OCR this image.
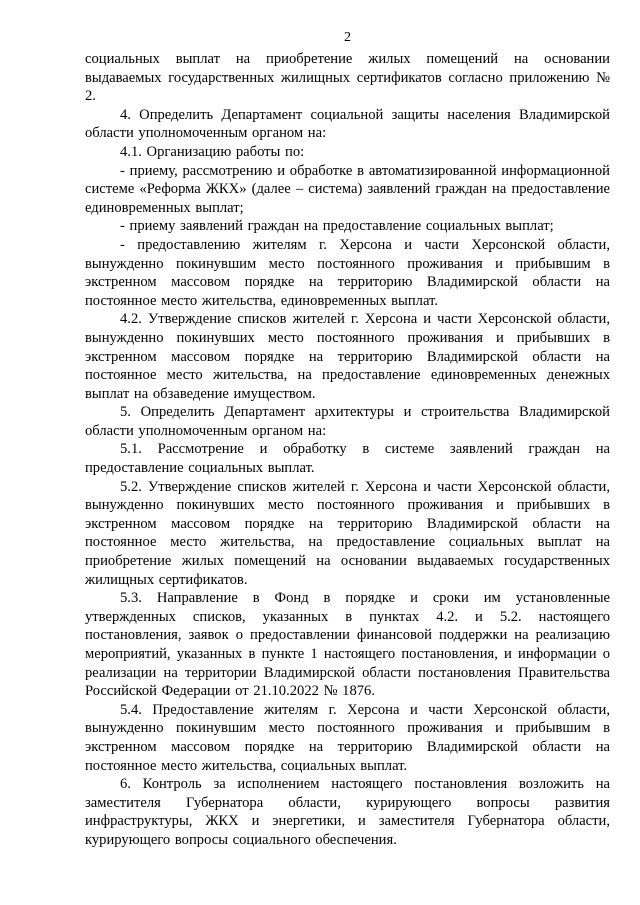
2

социальных выплат на приобретение жилых помещений на основании выдаваемых государственных жилищных сертификатов согласно приложению № 2.

4. Определить Департамент социальной защиты населения Владимирской области уполномоченным органом на:

4.1. Организацию работы по:

- приему, рассмотрению и обработке в автоматизированной информационной системе «Реформа ЖКХ» (далее – система) заявлений граждан на предоставление единовременных выплат;

- приему заявлений граждан на предоставление социальных выплат;

- предоставлению жителям г. Херсона и части Херсонской области, вынужденно покинувшим место постоянного проживания и прибывшим в экстренном массовом порядке на территорию Владимирской области на постоянное место жительства, единовременных выплат.

4.2. Утверждение списков жителей г. Херсона и части Херсонской области, вынужденно покинувших место постоянного проживания и прибывших в экстренном массовом порядке на территорию Владимирской области на постоянное место жительства, на предоставление единовременных денежных выплат на обзаведение имуществом.

5. Определить Департамент архитектуры и строительства Владимирской области уполномоченным органом на:

5.1. Рассмотрение и обработку в системе заявлений граждан на предоставление социальных выплат.

5.2. Утверждение списков жителей г. Херсона и части Херсонской области, вынужденно покинувших место постоянного проживания и прибывших в экстренном массовом порядке на территорию Владимирской области на постоянное место жительства, на предоставление социальных выплат на приобретение жилых помещений на основании выдаваемых государственных жилищных сертификатов.

5.3. Направление в Фонд в порядке и сроки им установленные утвержденных списков, указанных в пунктах 4.2. и 5.2. настоящего постановления, заявок о предоставлении финансовой поддержки на реализацию мероприятий, указанных в пункте 1 настоящего постановления, и информации о реализации на территории Владимирской области постановления Правительства Российской Федерации от 21.10.2022 № 1876.

5.4. Предоставление жителям г. Херсона и части Херсонской области, вынужденно покинувшим место постоянного проживания и прибывшим в экстренном массовом порядке на территорию Владимирской области на постоянное место жительства, социальных выплат.

6. Контроль за исполнением настоящего постановления возложить на заместителя Губернатора области, курирующего вопросы развития инфраструктуры, ЖКХ и энергетики, и заместителя Губернатора области, курирующего вопросы социального обеспечения.
